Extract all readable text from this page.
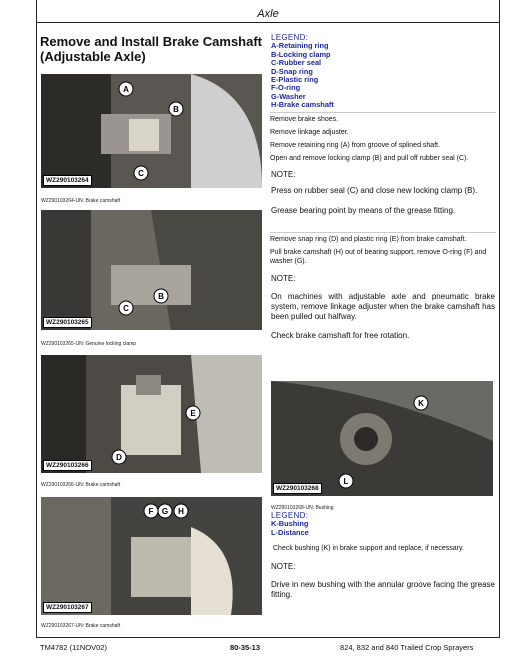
Axle
Remove and Install Brake Camshaft
(Adjustable Axle)
LEGEND:
A-Retaining ring
B-Locking clamp
C-Rubber seal
D-Snap ring
E-Plastic ring
F-O-ring
G-Washer
H-Brake camshaft
A
B
C
WZ290103264
WZ290103264-UN: Brake camshaft
B
C
WZ290103265
WZ290103265-UN: Genuine locking clamp
E
D
WZ290103266
WZ290103266-UN: Brake camshaft
F G H
WZ290103267
WZ290103267-UN: Brake camshaft
Remove brake shoes.
Remove linkage adjuster.
Remove retaining ring (A) from groove of splined shaft.
Open and remove locking clamp (B) and pull off rubber seal (C).
NOTE:
Press on rubber seal (C) and close new locking clamp (B).
Grease bearing point by means of the grease fitting.
Remove snap ring (D) and plastic ring (E) from brake camshaft.
Pull brake camshaft (H) out of bearing support, remove O-ring (F) and washer (G).
NOTE:
On machines with adjustable axle and pneumatic brake system, remove linkage adjuster when the brake camshaft has been pulled out halfway.
Check brake camshaft for free rotation.
K
L
WZ290103268
WZ290103268-UN: Bushing
LEGEND:
K-Bushing
L-Distance
Check bushing (K) in brake support and replace, if necessary.
NOTE:
Drive in new bushing with the annular groove facing the grease fitting.
TM4782 (11NOV02)	80-35-13	824, 832 and 840 Trailed Crop Sprayers
